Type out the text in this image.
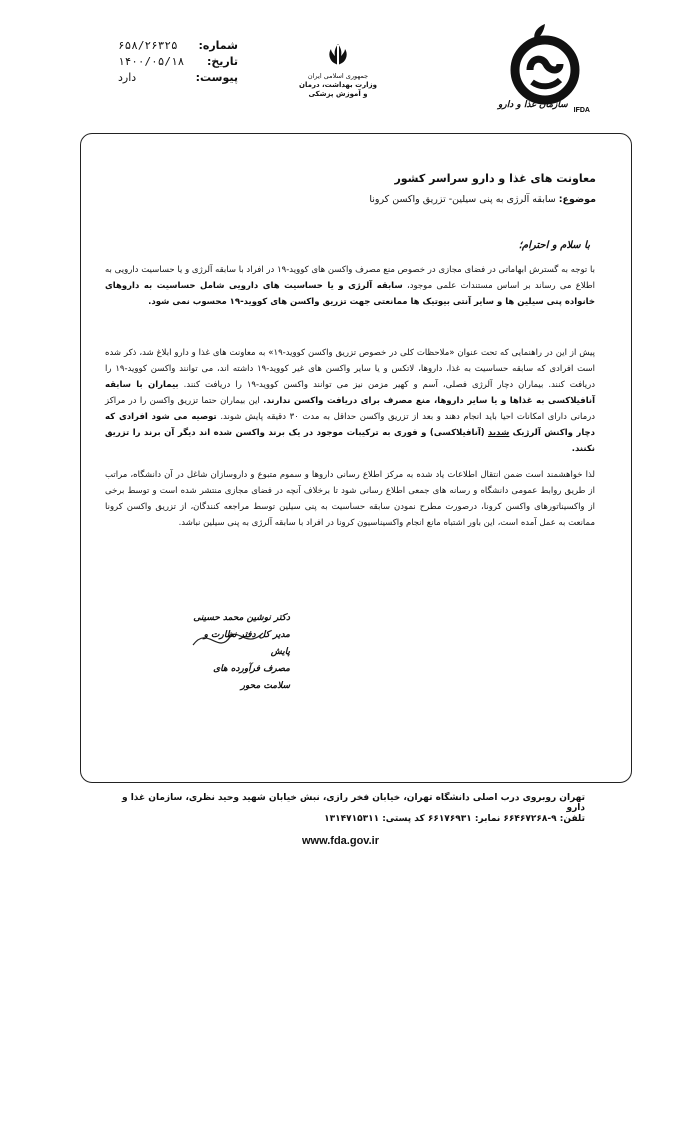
شماره:
۶۵۸/۲۶۳۲۵
تاریخ:
۱۴۰۰/۰۵/۱۸
پیوست:
دارد	جمهوری اسلامی ایران
وزارت بهداشت، درمان
و آموزش پزشکی
IFDA
سازمان غذا و دارو
معاونت های غذا و دارو سراسر کشور
موضوع: سابقه آلرژی به پنی سیلین- تزریق واکسن کرونا
با سلام و احترام؛
با توجه به گسترش ابهاماتی در فضای مجازی در خصوص منع مصرف واکسن های کووید-۱۹ در افراد با سابقه آلرژی و یا حساسیت دارویی به اطلاع می رساند بر اساس مستندات علمی موجود، سابقه آلرژی و یا حساسیت های دارویی شامل حساسیت به داروهای خانواده پنی سیلین ها و سایر آنتی بیوتیک ها ممانعتی جهت تزریق واکسن های کووید-۱۹ محسوب نمی شود.
پیش از این در راهنمایی که تحت عنوان «ملاحظات کلی در خصوص تزریق واکسن کووید-۱۹» به معاونت های غذا و دارو ابلاغ شد، ذکر شده است افرادی که سابقه حساسیت به غذا، داروها، لاتکس و یا سایر واکسن های غیر کووید-۱۹ داشته اند، می توانند واکسن کووید-۱۹ را دریافت کنند. بیماران دچار آلرژی فصلی، آسم و کهیر مزمن نیز می توانند واکسن کووید-۱۹ را دریافت کنند. بیماران با سابقه آنافیلاکسی به غذاها و یا سایر داروها، منع مصرف برای دریافت واکسن ندارند. این بیماران حتما تزریق واکسن را در مراکز درمانی دارای امکانات احیا باید انجام دهند و بعد از تزریق واکسن حداقل به مدت ۳۰ دقیقه پایش شوند. توصیه می شود افرادی که دچار واکنش آلرژیک شدید (آنافیلاکسی) و فوری به ترکیبات موجود در یک برند واکسن شده اند دیگر آن برند را تزریق نکنند.
لذا خواهشمند است ضمن انتقال اطلاعات یاد شده به مرکز اطلاع رسانی داروها و سموم متبوع و داروسازان شاغل در آن دانشگاه، مراتب از طریق روابط عمومی دانشگاه و رسانه های جمعی اطلاع رسانی شود تا برخلاف آنچه در فضای مجازی منتشر شده است و توسط برخی از واکسیناتورهای واکسن کرونا، درصورت مطرح نمودن سابقه حساسیت به پنی سیلین توسط مراجعه کنندگان، از تزریق واکسن کرونا ممانعت به عمل آمده است، این باور اشتباه مانع انجام واکسیناسیون کرونا در افراد با سابقه آلرژی به پنی سیلین نباشد.
دکتر نوشین محمد حسینی
مدیر کل دفتر نظارت و پایش
مصرف فرآورده های سلامت محور
تهران روبروی درب اصلی دانشگاه تهران، خیابان فخر رازی، نبش خیابان شهید وحید نظری، سازمان غذا و دارو
تلفن: ۹-۶۶۴۶۷۲۶۸ نمابر: ۶۶۱۷۶۹۳۱ کد پستی: ۱۳۱۴۷۱۵۳۱۱
www.fda.gov.ir
